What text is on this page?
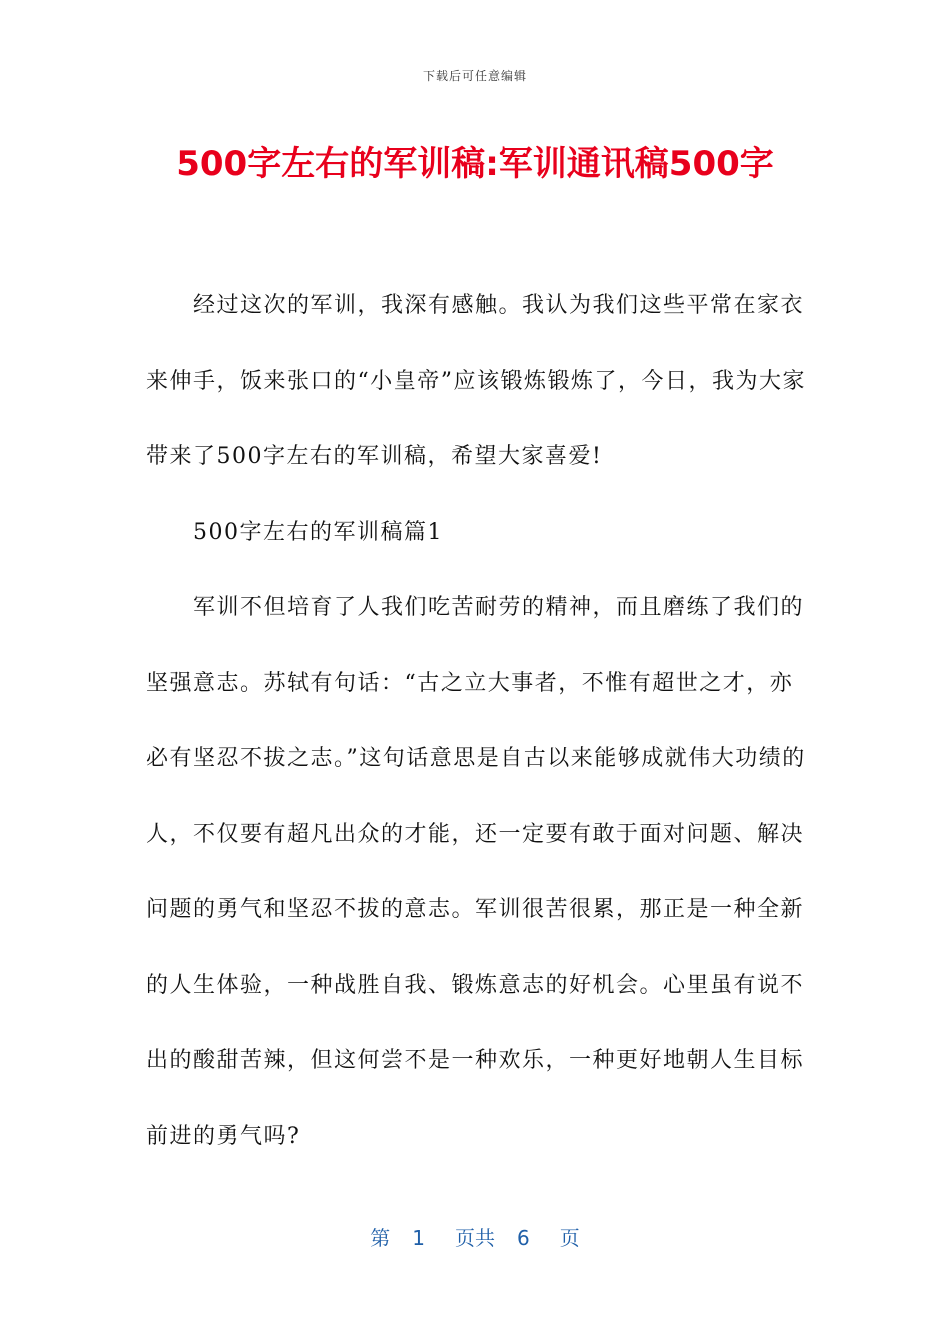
下载后可任意编辑
500字左右的军训稿:军训通讯稿500字

经过这次的军训，我深有感触。我认为我们这些平常在家衣来伸手，饭来张口的“小皇帝”应该锻炼锻炼了，今日，我为大家带来了500字左右的军训稿，希望大家喜爱!

500字左右的军训稿篇1

军训不但培育了人我们吃苦耐劳的精神，而且磨练了我们的坚强意志。苏轼有句话：“古之立大事者，不惟有超世之才，亦必有坚忍不拔之志。”这句话意思是自古以来能够成就伟大功绩的人，不仅要有超凡出众的才能，还一定要有敢于面对问题、解决问题的勇气和坚忍不拔的意志。军训很苦很累，那正是一种全新的人生体验，一种战胜自我、锻炼意志的好机会。心里虽有说不出的酸甜苦辣，但这何尝不是一种欢乐，一种更好地朝人生目标前进的勇气吗?

第 1 页共 6 页
